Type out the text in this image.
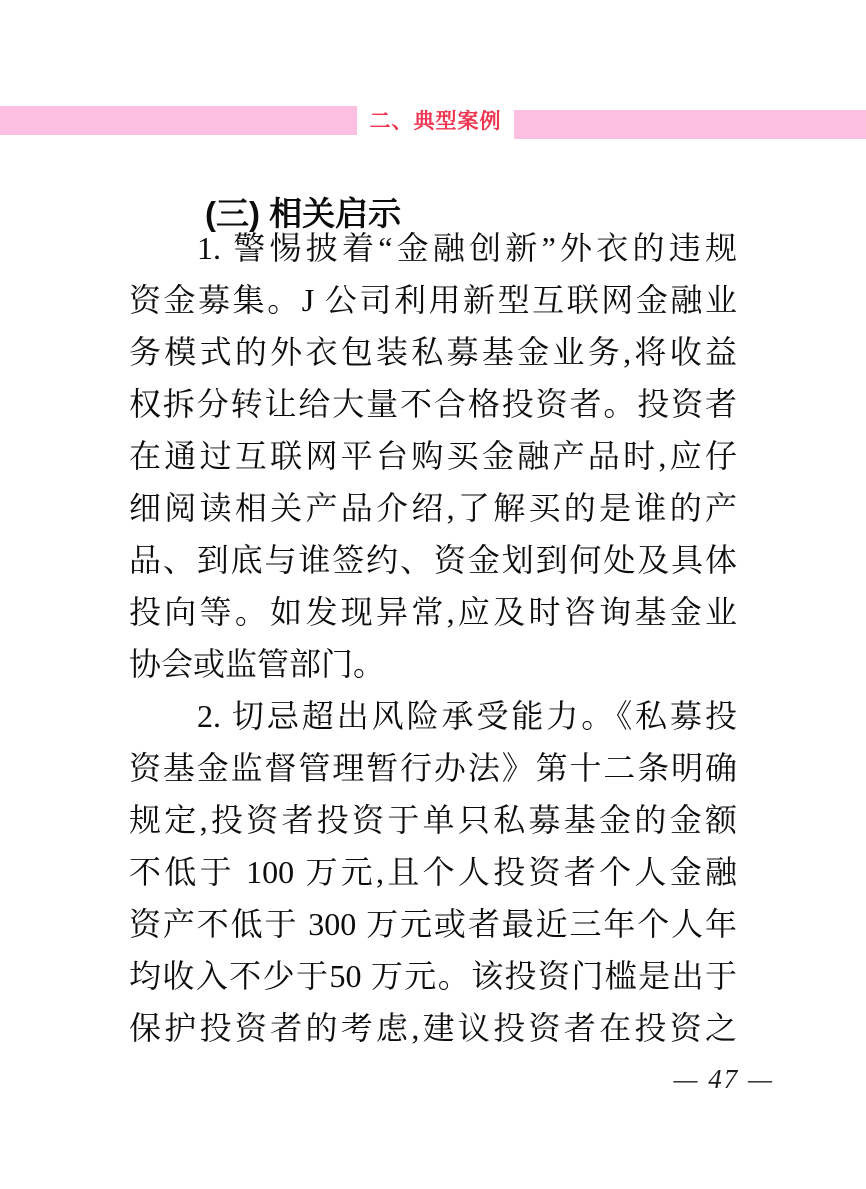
二、典型案例
(三) 相关启示
1. 警惕披着“金融创新”外衣的违规
资金募集。J 公司利用新型互联网金融业
务模式的外衣包装私募基金业务,将收益
权拆分转让给大量不合格投资者。投资者
在通过互联网平台购买金融产品时,应仔
细阅读相关产品介绍,了解买的是谁的产
品、到底与谁签约、资金划到何处及具体
投向等。如发现异常,应及时咨询基金业
协会或监管部门。
2. 切忌超出风险承受能力。《私募投
资基金监督管理暂行办法》第十二条明确
规定,投资者投资于单只私募基金的金额
不低于 100 万元,且个人投资者个人金融
资产不低于 300 万元或者最近三年个人年
均收入不少于50 万元。该投资门槛是出于
保护投资者的考虑,建议投资者在投资之
— 47 —
